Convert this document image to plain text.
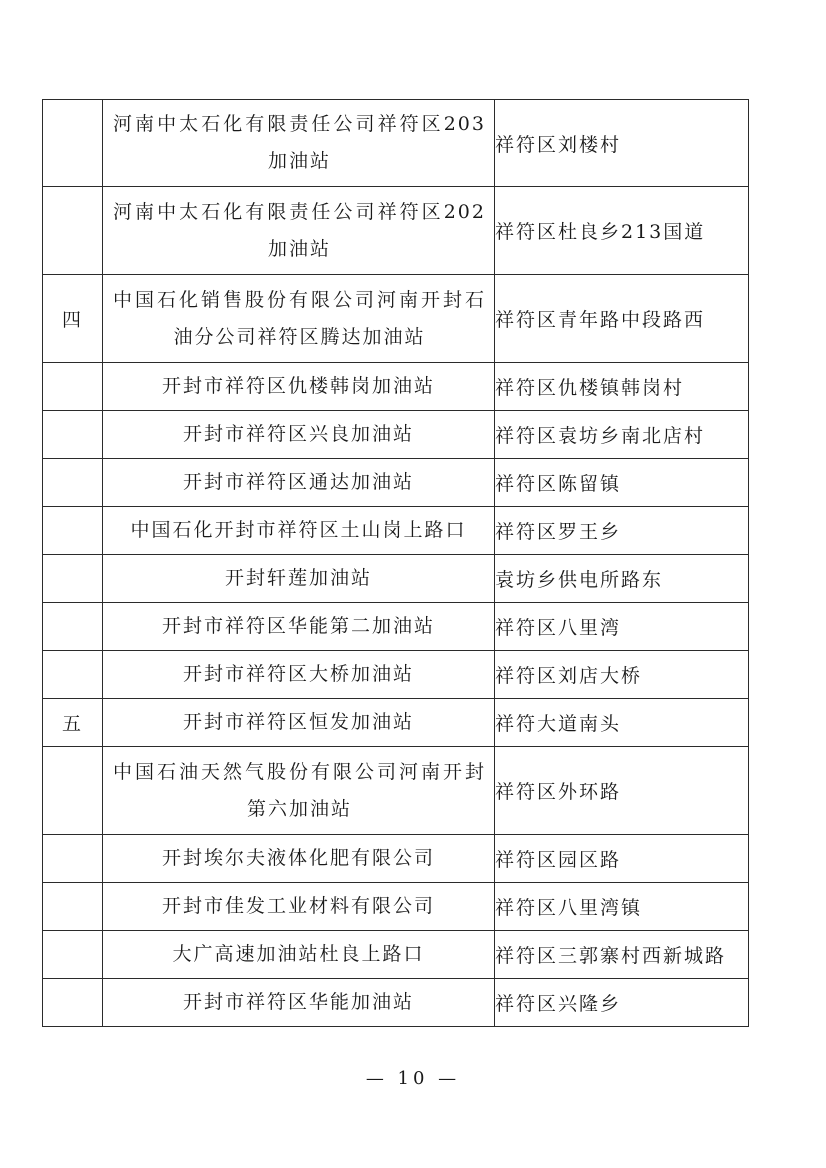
	河南中太石化有限责任公司祥符区203加油站	祥符区刘楼村
	河南中太石化有限责任公司祥符区202加油站	祥符区杜良乡213国道
四	中国石化销售股份有限公司河南开封石油分公司祥符区腾达加油站	祥符区青年路中段路西
	开封市祥符区仇楼韩岗加油站	祥符区仇楼镇韩岗村
	开封市祥符区兴良加油站	祥符区袁坊乡南北店村
	开封市祥符区通达加油站	祥符区陈留镇
	中国石化开封市祥符区土山岗上路口	祥符区罗王乡
	开封轩莲加油站	袁坊乡供电所路东
	开封市祥符区华能第二加油站	祥符区八里湾
	开封市祥符区大桥加油站	祥符区刘店大桥
五	开封市祥符区恒发加油站	祥符大道南头
	中国石油天然气股份有限公司河南开封第六加油站	祥符区外环路
	开封埃尔夫液体化肥有限公司	祥符区园区路
	开封市佳发工业材料有限公司	祥符区八里湾镇
	大广高速加油站杜良上路口	祥符区三郭寨村西新城路
	开封市祥符区华能加油站	祥符区兴隆乡
— 10 —
